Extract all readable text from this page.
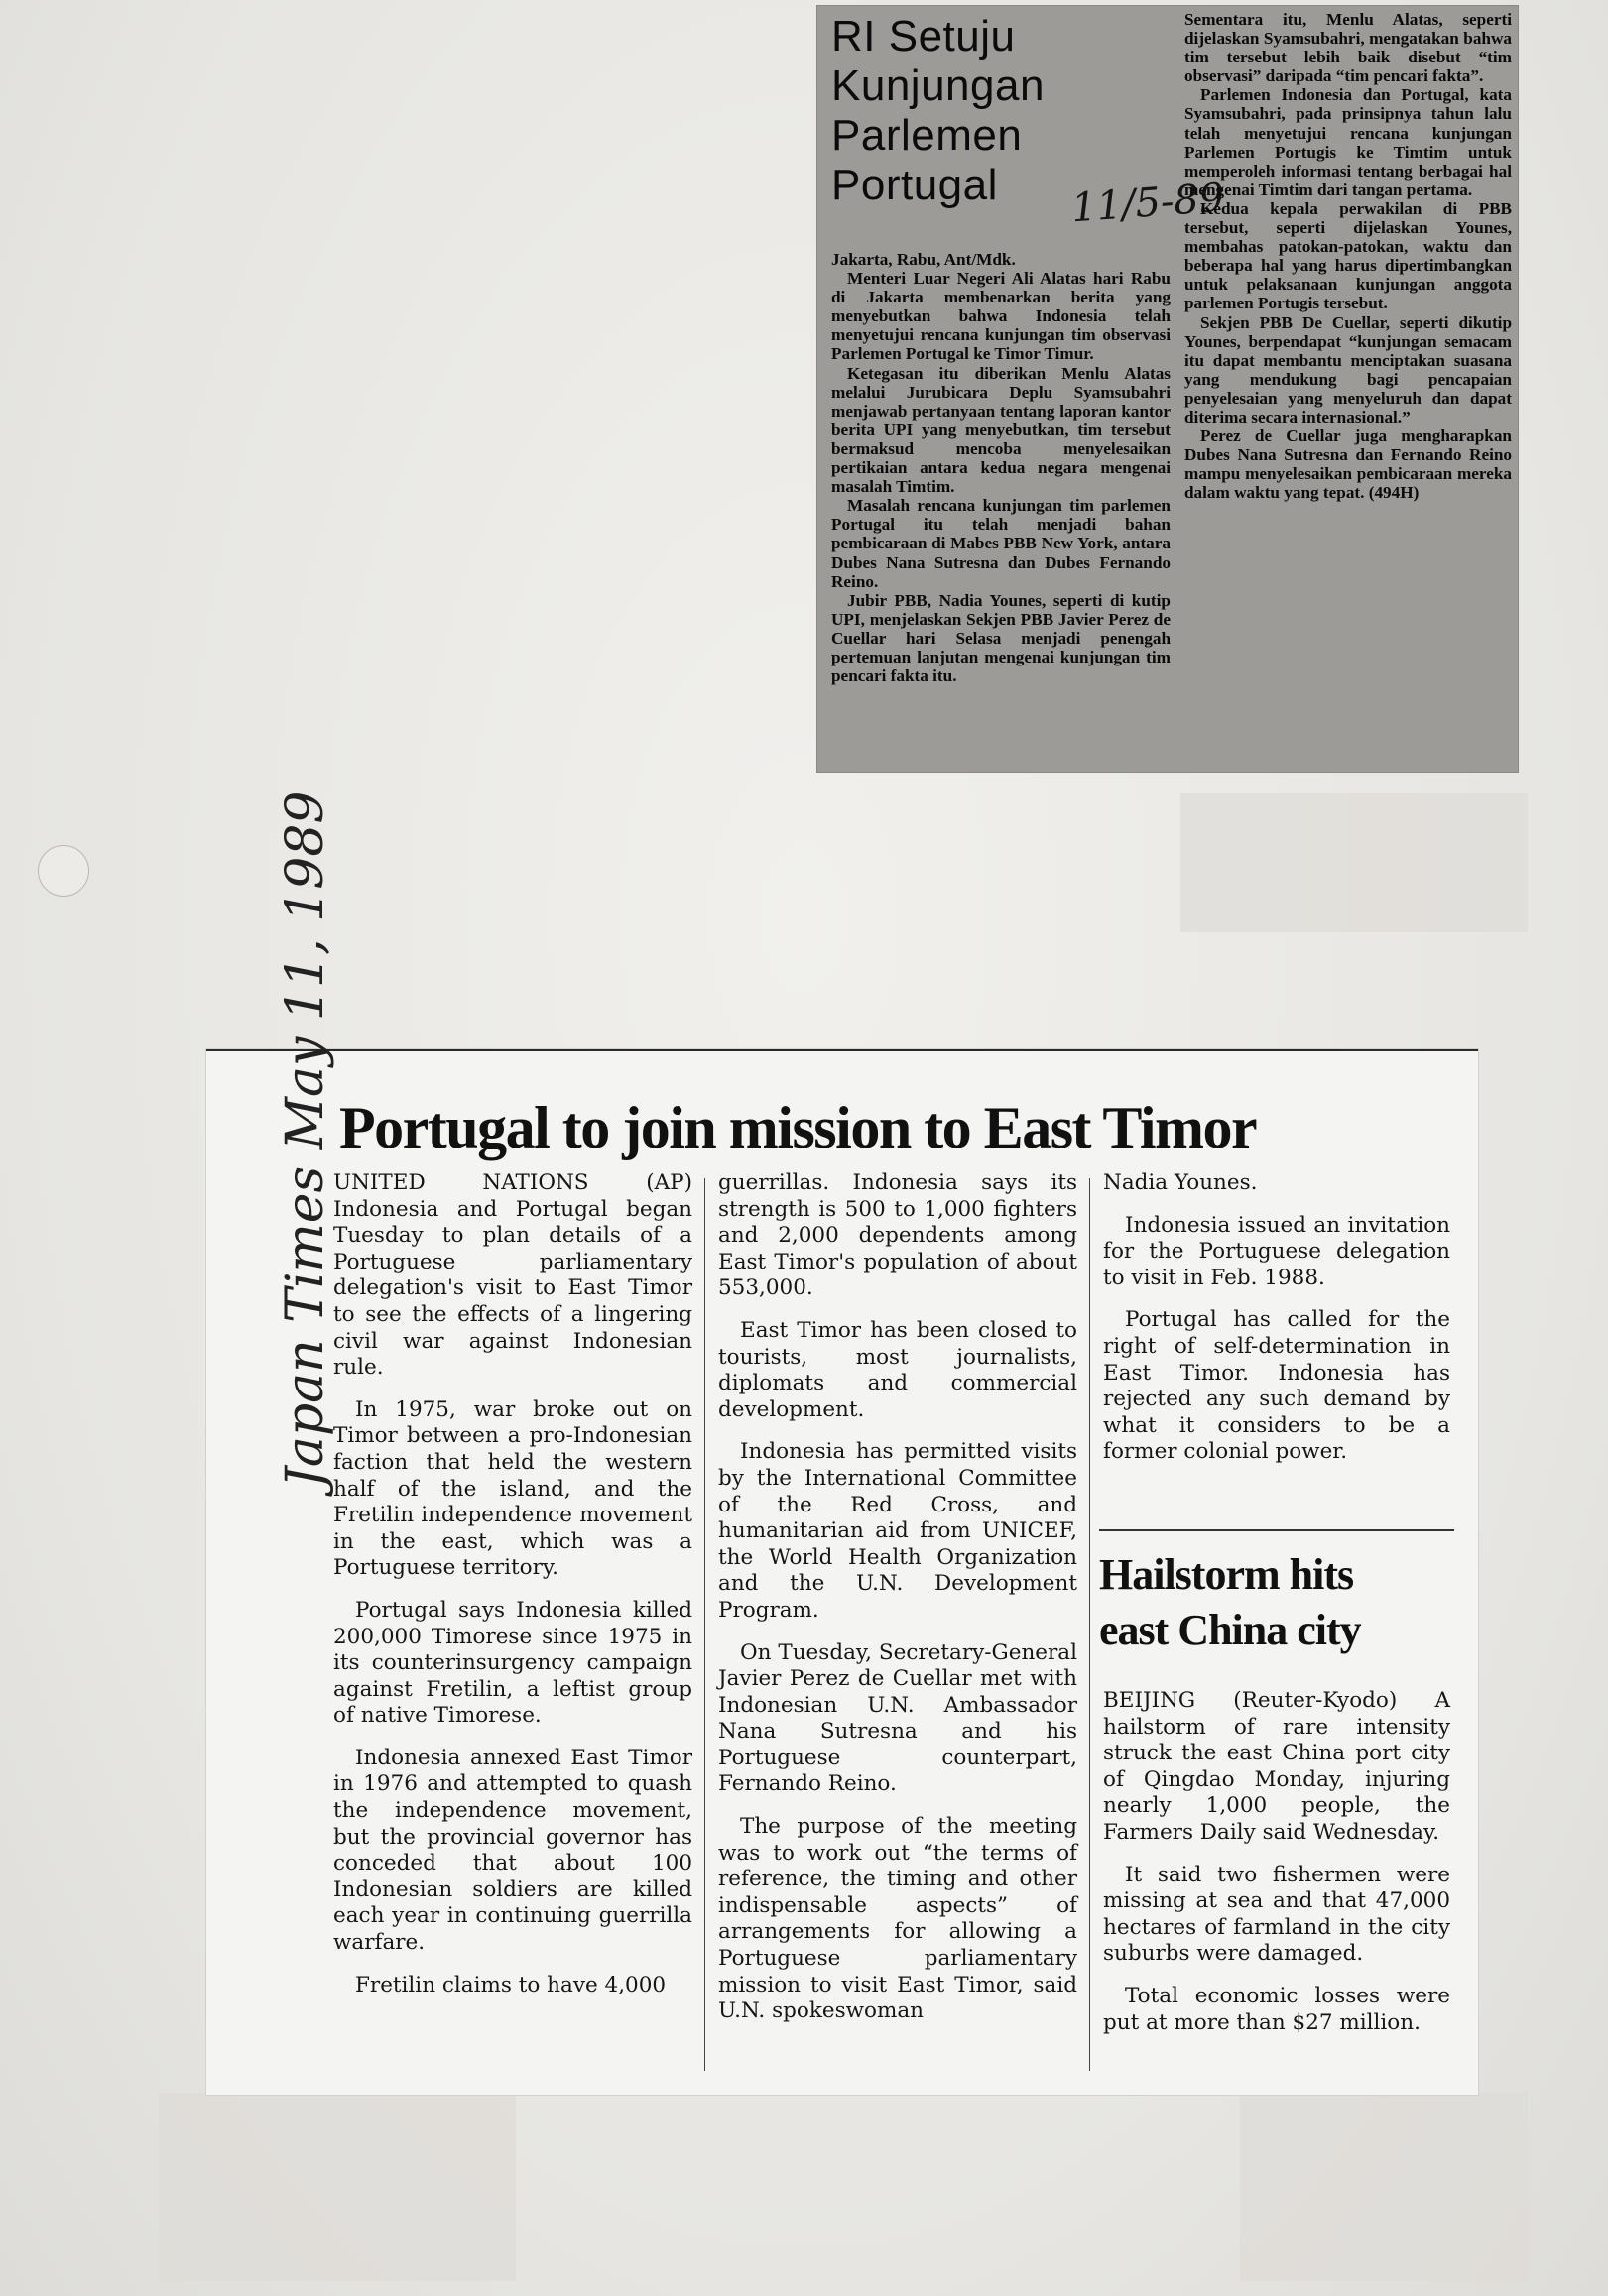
RI Setuju
Kunjungan
Parlemen
Portugal	11/5-89

Jakarta, Rabu, Ant/Mdk.

Menteri Luar Negeri Ali Alatas hari Rabu di Jakarta membenarkan berita yang menyebutkan bahwa Indonesia telah menyetujui rencana kunjungan tim observasi Parlemen Portugal ke Timor Timur.

Ketegasan itu diberikan Menlu Alatas melalui Jurubicara Deplu Syamsubahri menjawab pertanyaan tentang laporan kantor berita UPI yang menyebutkan, tim tersebut bermaksud mencoba menyelesaikan pertikaian antara kedua negara mengenai masalah Timtim.

Masalah rencana kunjungan tim parlemen Portugal itu telah menjadi bahan pembicaraan di Mabes PBB New York, antara Dubes Nana Sutresna dan Dubes Fernando Reino.

Jubir PBB, Nadia Younes, seperti di kutip UPI, menjelaskan Sekjen PBB Javier Perez de Cuellar hari Selasa menjadi penengah pertemuan lanjutan mengenai kunjungan tim pencari fakta itu.

Sementara itu, Menlu Alatas, seperti dijelaskan Syamsubahri, mengatakan bahwa tim tersebut lebih baik disebut “tim observasi” daripada “tim pencari fakta”.

Parlemen Indonesia dan Portugal, kata Syamsubahri, pada prinsipnya tahun lalu telah menyetujui rencana kunjungan Parlemen Portugis ke Timtim untuk memperoleh informasi tentang berbagai hal mengenai Timtim dari tangan pertama.

Kedua kepala perwakilan di PBB tersebut, seperti dijelaskan Younes, membahas patokan-patokan, waktu dan beberapa hal yang harus dipertimbangkan untuk pelaksanaan kunjungan anggota parlemen Portugis tersebut.

Sekjen PBB De Cuellar, seperti dikutip Younes, berpendapat “kunjungan semacam itu dapat membantu menciptakan suasana yang mendukung bagi pencapaian penyelesaian yang menyeluruh dan dapat diterima secara internasional.”

Perez de Cuellar juga mengharapkan Dubes Nana Sutresna dan Fernando Reino mampu menyelesaikan pembicaraan mereka dalam waktu yang tepat. (494H)

Japan Times May 11, 1989 Portugal to join mission to East Timor

UNITED NATIONS (AP) Indonesia and Portugal began Tuesday to plan details of a Portuguese parliamentary delegation's visit to East Timor to see the effects of a lingering civil war against Indonesian rule.

In 1975, war broke out on Timor between a pro-Indonesian faction that held the western half of the island, and the Fretilin independence movement in the east, which was a Portuguese territory.

Portugal says Indonesia killed 200,000 Timorese since 1975 in its counterinsurgency campaign against Fretilin, a leftist group of native Timorese.

Indonesia annexed East Timor in 1976 and attempted to quash the independence movement, but the provincial governor has conceded that about 100 Indonesian soldiers are killed each year in continuing guerrilla warfare.

Fretilin claims to have 4,000

guerrillas. Indonesia says its strength is 500 to 1,000 fighters and 2,000 dependents among East Timor's population of about 553,000.

East Timor has been closed to tourists, most journalists, diplomats and commercial development.

Indonesia has permitted visits by the International Committee of the Red Cross, and humanitarian aid from UNICEF, the World Health Organization and the U.N. Development Program.

On Tuesday, Secretary-General Javier Perez de Cuellar met with Indonesian U.N. Ambassador Nana Sutresna and his Portuguese counterpart, Fernando Reino.

The purpose of the meeting was to work out “the terms of reference, the timing and other indispensable aspects” of arrangements for allowing a Portuguese parliamentary mission to visit East Timor, said U.N. spokeswoman

Nadia Younes.

Indonesia issued an invitation for the Portuguese delegation to visit in Feb. 1988.

Portugal has called for the right of self-determination in East Timor. Indonesia has rejected any such demand by what it considers to be a former colonial power.

Hailstorm hits
east China city

BEIJING (Reuter-Kyodo) A hailstorm of rare intensity struck the east China port city of Qingdao Monday, injuring nearly 1,000 people, the Farmers Daily said Wednesday.

It said two fishermen were missing at sea and that 47,000 hectares of farmland in the city suburbs were damaged.

Total economic losses were put at more than $27 million.
